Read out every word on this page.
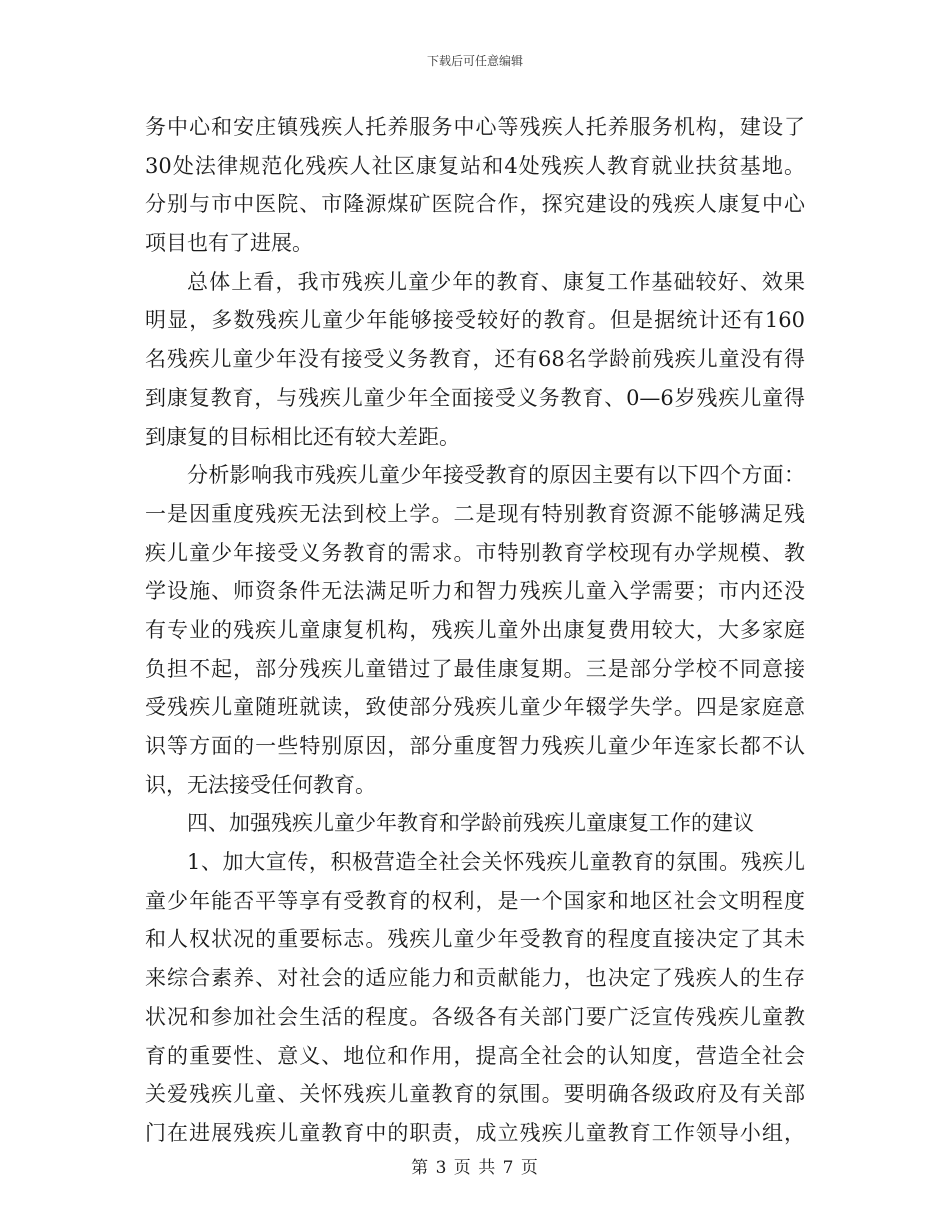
下载后可任意编辑
务中心和安庄镇残疾人托养服务中心等残疾人托养服务机构，建设了
30处法律规范化残疾人社区康复站和4处残疾人教育就业扶贫基地。
分别与市中医院、市隆源煤矿医院合作，探究建设的残疾人康复中心
项目也有了进展。
总体上看，我市残疾儿童少年的教育、康复工作基础较好、效果
明显，多数残疾儿童少年能够接受较好的教育。但是据统计还有160
名残疾儿童少年没有接受义务教育，还有68名学龄前残疾儿童没有得
到康复教育，与残疾儿童少年全面接受义务教育、0—6岁残疾儿童得
到康复的目标相比还有较大差距。
分析影响我市残疾儿童少年接受教育的原因主要有以下四个方面：
一是因重度残疾无法到校上学。二是现有特别教育资源不能够满足残
疾儿童少年接受义务教育的需求。市特别教育学校现有办学规模、教
学设施、师资条件无法满足听力和智力残疾儿童入学需要；市内还没
有专业的残疾儿童康复机构，残疾儿童外出康复费用较大，大多家庭
负担不起，部分残疾儿童错过了最佳康复期。三是部分学校不同意接
受残疾儿童随班就读，致使部分残疾儿童少年辍学失学。四是家庭意
识等方面的一些特别原因，部分重度智力残疾儿童少年连家长都不认
识，无法接受任何教育。
四、加强残疾儿童少年教育和学龄前残疾儿童康复工作的建议
1、加大宣传，积极营造全社会关怀残疾儿童教育的氛围。残疾儿
童少年能否平等享有受教育的权利，是一个国家和地区社会文明程度
和人权状况的重要标志。残疾儿童少年受教育的程度直接决定了其未
来综合素养、对社会的适应能力和贡献能力，也决定了残疾人的生存
状况和参加社会生活的程度。各级各有关部门要广泛宣传残疾儿童教
育的重要性、意义、地位和作用，提高全社会的认知度，营造全社会
关爱残疾儿童、关怀残疾儿童教育的氛围。要明确各级政府及有关部
门在进展残疾儿童教育中的职责，成立残疾儿童教育工作领导小组，
第 3 页 共 7 页
